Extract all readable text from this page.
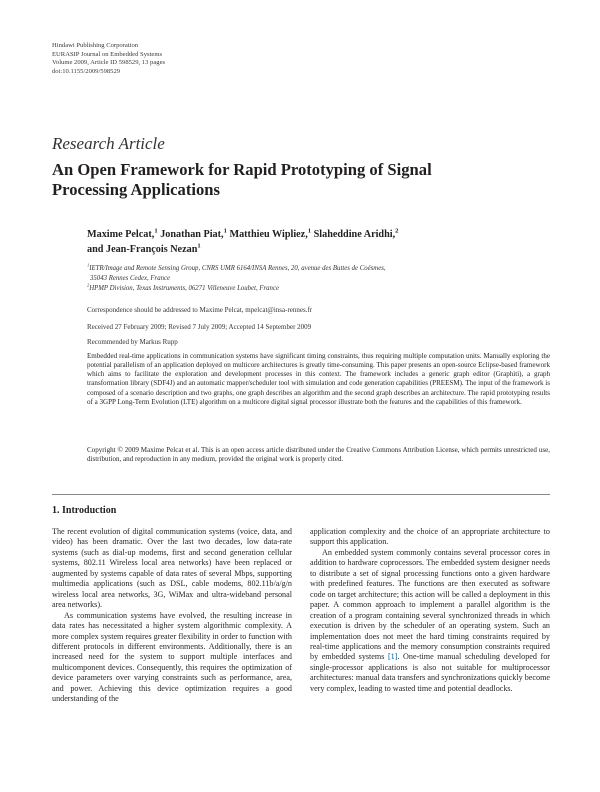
Hindawi Publishing Corporation
EURASIP Journal on Embedded Systems
Volume 2009, Article ID 598529, 13 pages
doi:10.1155/2009/598529
Research Article
An Open Framework for Rapid Prototyping of Signal Processing Applications
Maxime Pelcat,$^1$ Jonathan Piat,$^1$ Matthieu Wipliez,$^1$ Slaheddine Aridhi,$^2$
and Jean-François Nezan$^1$
$^1$IETR/Image and Remote Sensing Group, CNRS UMR 6164/INSA Rennes, 20, avenue des Buttes de Coësmes,
35043 Rennes Cedex, France
$^2$HPMP Division, Texas Instruments, 06271 Villeneuve Loubet, France
Correspondence should be addressed to Maxime Pelcat, mpelcat@insa-rennes.fr
Received 27 February 2009; Revised 7 July 2009; Accepted 14 September 2009
Recommended by Markus Rupp
Embedded real-time applications in communication systems have significant timing constraints, thus requiring multiple computation units. Manually exploring the potential parallelism of an application deployed on multicore architectures is greatly time-consuming. This paper presents an open-source Eclipse-based framework which aims to facilitate the exploration and development processes in this context. The framework includes a generic graph editor (Graphiti), a graph transformation library (SDF4J) and an automatic mapper/scheduler tool with simulation and code generation capabilities (PREESM). The input of the framework is composed of a scenario description and two graphs, one graph describes an algorithm and the second graph describes an architecture. The rapid prototyping results of a 3GPP Long-Term Evolution (LTE) algorithm on a multicore digital signal processor illustrate both the features and the capabilities of this framework.
Copyright © 2009 Maxime Pelcat et al. This is an open access article distributed under the Creative Commons Attribution License, which permits unrestricted use, distribution, and reproduction in any medium, provided the original work is properly cited.
1. Introduction

The recent evolution of digital communication systems (voice, data, and video) has been dramatic. Over the last two decades, low data-rate systems (such as dial-up modems, first and second generation cellular systems, 802.11 Wireless local area networks) have been replaced or augmented by systems capable of data rates of several Mbps, supporting multimedia applications (such as DSL, cable modems, 802.11b/a/g/n wireless local area networks, 3G, WiMax and ultra-wideband personal area networks).

As communication systems have evolved, the resulting increase in data rates has necessitated a higher system algorithmic complexity. A more complex system requires greater flexibility in order to function with different protocols in different environments. Additionally, there is an increased need for the system to support multiple interfaces and multicomponent devices. Consequently, this requires the optimization of device parameters over varying constraints such as performance, area, and power. Achieving this device optimization requires a good understanding of the

application complexity and the choice of an appropriate architecture to support this application.

An embedded system commonly contains several processor cores in addition to hardware coprocessors. The embedded system designer needs to distribute a set of signal processing functions onto a given hardware with predefined features. The functions are then executed as software code on target architecture; this action will be called a deployment in this paper. A common approach to implement a parallel algorithm is the creation of a program containing several synchronized threads in which execution is driven by the scheduler of an operating system. Such an implementation does not meet the hard timing constraints required by real-time applications and the memory consumption constraints required by embedded systems [1]. One-time manual scheduling developed for single-processor applications is also not suitable for multiprocessor architectures: manual data transfers and synchronizations quickly become very complex, leading to wasted time and potential deadlocks.
